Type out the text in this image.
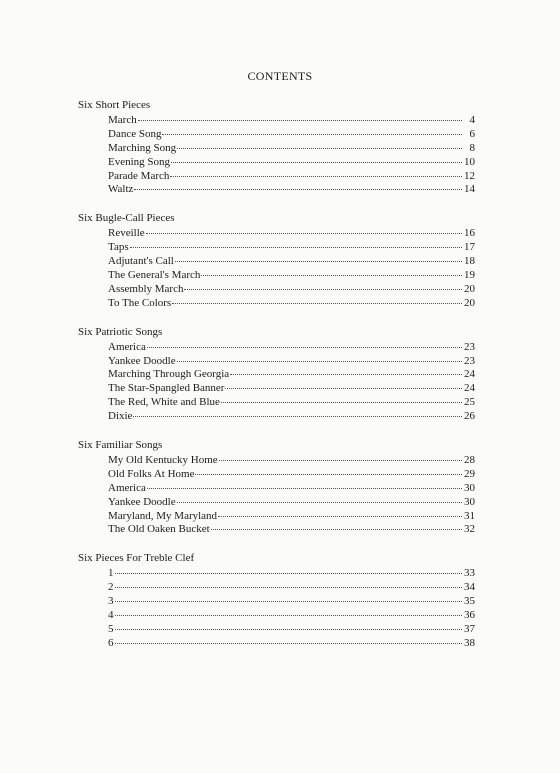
CONTENTS
Six Short Pieces
March	4
Dance Song	6
Marching Song	8
Evening Song	10
Parade March	12
Waltz	14
Six Bugle-Call Pieces
Reveille	16
Taps	17
Adjutant's Call	18
The General's March	19
Assembly March	20
To The Colors	20
Six Patriotic Songs
America	23
Yankee Doodle	23
Marching Through Georgia	24
The Star-Spangled Banner	24
The Red, White and Blue	25
Dixie	26
Six Familiar Songs
My Old Kentucky Home	28
Old Folks At Home	29
America	30
Yankee Doodle	30
Maryland, My Maryland	31
The Old Oaken Bucket	32
Six Pieces For Treble Clef
1	33
2	34
3	35
4	36
5	37
6	38
